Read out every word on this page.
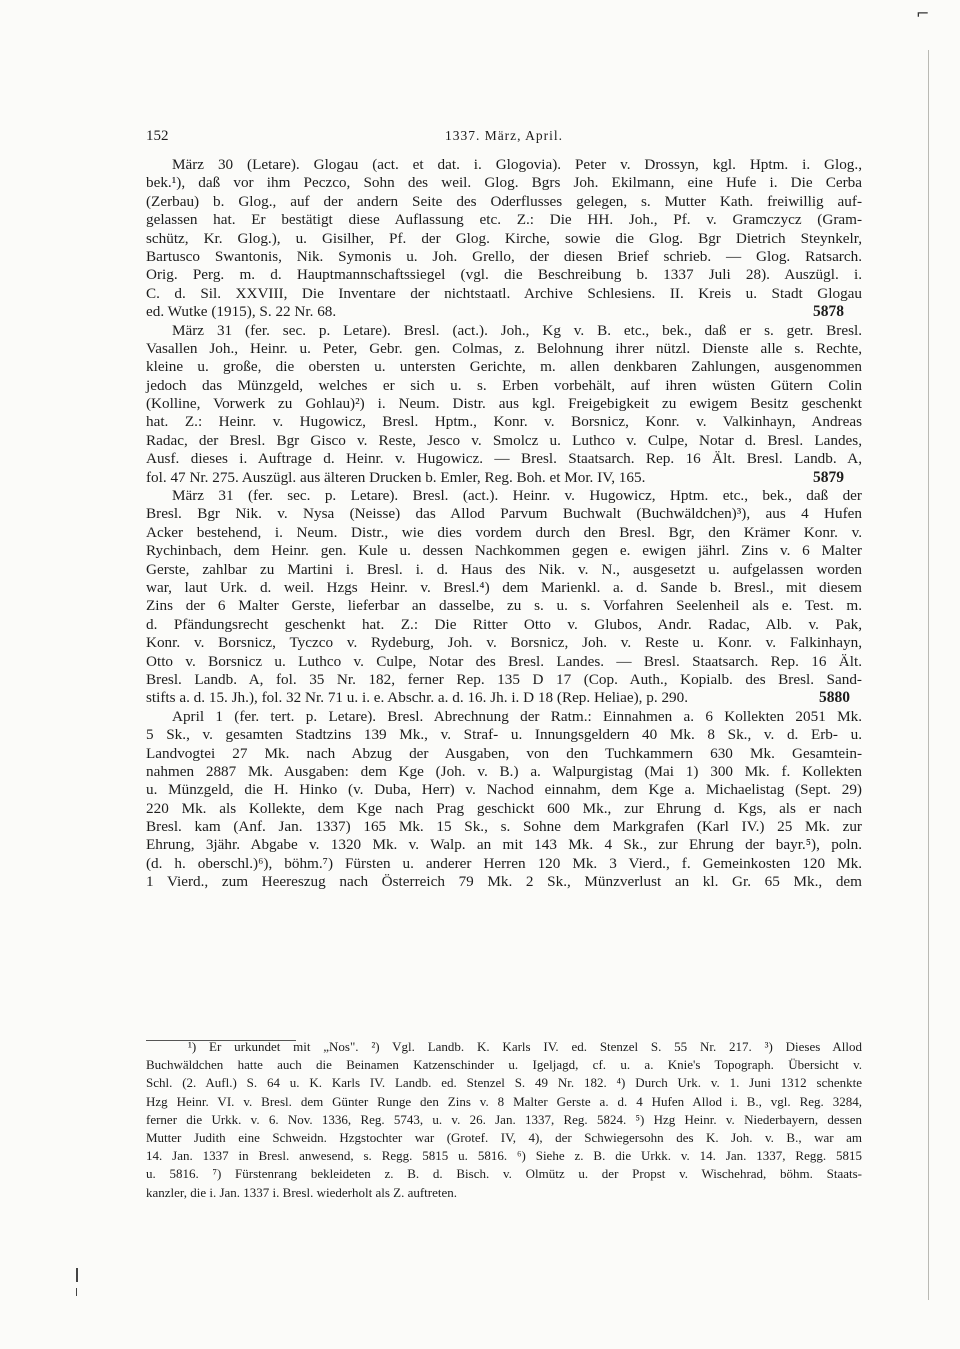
⌐
152	1337. März, April.
März 30 (Letare). Glogau (act. et dat. i. Glogovia). Peter v. Drossyn, kgl. Hptm. i. Glog.,
bek.¹), daß vor ihm Peczco, Sohn des weil. Glog. Bgrs Joh. Ekilmann, eine Hufe i. Die Cerba
(Zerbau) b. Glog., auf der andern Seite des Oderflusses gelegen, s. Mutter Kath. freiwillig auf-
gelassen hat. Er bestätigt diese Auflassung etc. Z.: Die HH. Joh., Pf. v. Gramczycz (Gram-
schütz, Kr. Glog.), u. Gisilher, Pf. der Glog. Kirche, sowie die Glog. Bgr Dietrich Steynkelr,
Bartusco Swantonis, Nik. Symonis u. Joh. Grello, der diesen Brief schrieb. — Glog. Ratsarch.
Orig. Perg. m. d. Hauptmannschaftssiegel (vgl. die Beschreibung b. 1337 Juli 28). Auszügl. i.
C. d. Sil. XXVIII, Die Inventare der nichtstaatl. Archive Schlesiens. II. Kreis u. Stadt Glogau
ed. Wutke (1915), S. 22 Nr. 68.	5878
März 31 (fer. sec. p. Letare). Bresl. (act.). Joh., Kg v. B. etc., bek., daß er s. getr. Bresl.
Vasallen Joh., Heinr. u. Peter, Gebr. gen. Colmas, z. Belohnung ihrer nützl. Dienste alle s. Rechte,
kleine u. große, die obersten u. untersten Gerichte, m. allen denkbaren Zahlungen, ausgenommen
jedoch das Münzgeld, welches er sich u. s. Erben vorbehält, auf ihren wüsten Gütern Colin
(Kolline, Vorwerk zu Gohlau)²) i. Neum. Distr. aus kgl. Freigebigkeit zu ewigem Besitz geschenkt
hat. Z.: Heinr. v. Hugowicz, Bresl. Hptm., Konr. v. Borsnicz, Konr. v. Valkinhayn, Andreas
Radac, der Bresl. Bgr Gisco v. Reste, Jesco v. Smolcz u. Luthco v. Culpe, Notar d. Bresl. Landes,
Ausf. dieses i. Auftrage d. Heinr. v. Hugowicz. — Bresl. Staatsarch. Rep. 16 Ält. Bresl. Landb. A,
fol. 47 Nr. 275. Auszügl. aus älteren Drucken b. Emler, Reg. Boh. et Mor. IV, 165.	5879
März 31 (fer. sec. p. Letare). Bresl. (act.). Heinr. v. Hugowicz, Hptm. etc., bek., daß der
Bresl. Bgr Nik. v. Nysa (Neisse) das Allod Parvum Buchwalt (Buchwäldchen)³), aus 4 Hufen
Acker bestehend, i. Neum. Distr., wie dies vordem durch den Bresl. Bgr, den Krämer Konr. v.
Rychinbach, dem Heinr. gen. Kule u. dessen Nachkommen gegen e. ewigen jährl. Zins v. 6 Malter
Gerste, zahlbar zu Martini i. Bresl. i. d. Haus des Nik. v. N., ausgesetzt u. aufgelassen worden
war, laut Urk. d. weil. Hzgs Heinr. v. Bresl.⁴) dem Marienkl. a. d. Sande b. Bresl., mit diesem
Zins der 6 Malter Gerste, lieferbar an dasselbe, zu s. u. s. Vorfahren Seelenheil als e. Test. m.
d. Pfändungsrecht geschenkt hat. Z.: Die Ritter Otto v. Glubos, Andr. Radac, Alb. v. Pak,
Konr. v. Borsnicz, Tyczco v. Rydeburg, Joh. v. Borsnicz, Joh. v. Reste u. Konr. v. Falkinhayn,
Otto v. Borsnicz u. Luthco v. Culpe, Notar des Bresl. Landes. — Bresl. Staatsarch. Rep. 16 Ält.
Bresl. Landb. A, fol. 35 Nr. 182, ferner Rep. 135 D 17 (Cop. Auth., Kopialb. des Bresl. Sand-
stifts a. d. 15. Jh.), fol. 32 Nr. 71 u. i. e. Abschr. a. d. 16. Jh. i. D 18 (Rep. Heliae), p. 290.	5880
April 1 (fer. tert. p. Letare). Bresl. Abrechnung der Ratm.: Einnahmen a. 6 Kollekten 2051 Mk.
5 Sk., v. gesamten Stadtzins 139 Mk., v. Straf- u. Innungsgeldern 40 Mk. 8 Sk., v. d. Erb- u.
Landvogtei 27 Mk. nach Abzug der Ausgaben, von den Tuchkammern 630 Mk. Gesamtein-
nahmen 2887 Mk. Ausgaben: dem Kge (Joh. v. B.) a. Walpurgistag (Mai 1) 300 Mk. f. Kollekten
u. Münzgeld, die H. Hinko (v. Duba, Herr) v. Nachod einnahm, dem Kge a. Michaelistag (Sept. 29)
220 Mk. als Kollekte, dem Kge nach Prag geschickt 600 Mk., zur Ehrung d. Kgs, als er nach
Bresl. kam (Anf. Jan. 1337) 165 Mk. 15 Sk., s. Sohne dem Markgrafen (Karl IV.) 25 Mk. zur
Ehrung, 3jähr. Abgabe v. 1320 Mk. v. Walp. an mit 143 Mk. 4 Sk., zur Ehrung der bayr.⁵), poln.
(d. h. oberschl.)⁶), böhm.⁷) Fürsten u. anderer Herren 120 Mk. 3 Vierd., f. Gemeinkosten 120 Mk.
1 Vierd., zum Heereszug nach Österreich 79 Mk. 2 Sk., Münzverlust an kl. Gr. 65 Mk., dem
¹) Er urkundet mit „Nos". ²) Vgl. Landb. K. Karls IV. ed. Stenzel S. 55 Nr. 217. ³) Dieses Allod
Buchwäldchen hatte auch die Beinamen Katzenschinder u. Igeljagd, cf. u. a. Knie's Topograph. Übersicht v.
Schl. (2. Aufl.) S. 64 u. K. Karls IV. Landb. ed. Stenzel S. 49 Nr. 182. ⁴) Durch Urk. v. 1. Juni 1312 schenkte
Hzg Heinr. VI. v. Bresl. dem Günter Runge den Zins v. 8 Malter Gerste a. d. 4 Hufen Allod i. B., vgl. Reg. 3284,
ferner die Urkk. v. 6. Nov. 1336, Reg. 5743, u. v. 26. Jan. 1337, Reg. 5824. ⁵) Hzg Heinr. v. Niederbayern, dessen
Mutter Judith eine Schweidn. Hzgstochter war (Grotef. IV, 4), der Schwiegersohn des K. Joh. v. B., war am
14. Jan. 1337 in Bresl. anwesend, s. Regg. 5815 u. 5816. ⁶) Siehe z. B. die Urkk. v. 14. Jan. 1337, Regg. 5815
u. 5816. ⁷) Fürstenrang bekleideten z. B. d. Bisch. v. Olmütz u. der Propst v. Wischehrad, böhm. Staats-
kanzler, die i. Jan. 1337 i. Bresl. wiederholt als Z. auftreten.
